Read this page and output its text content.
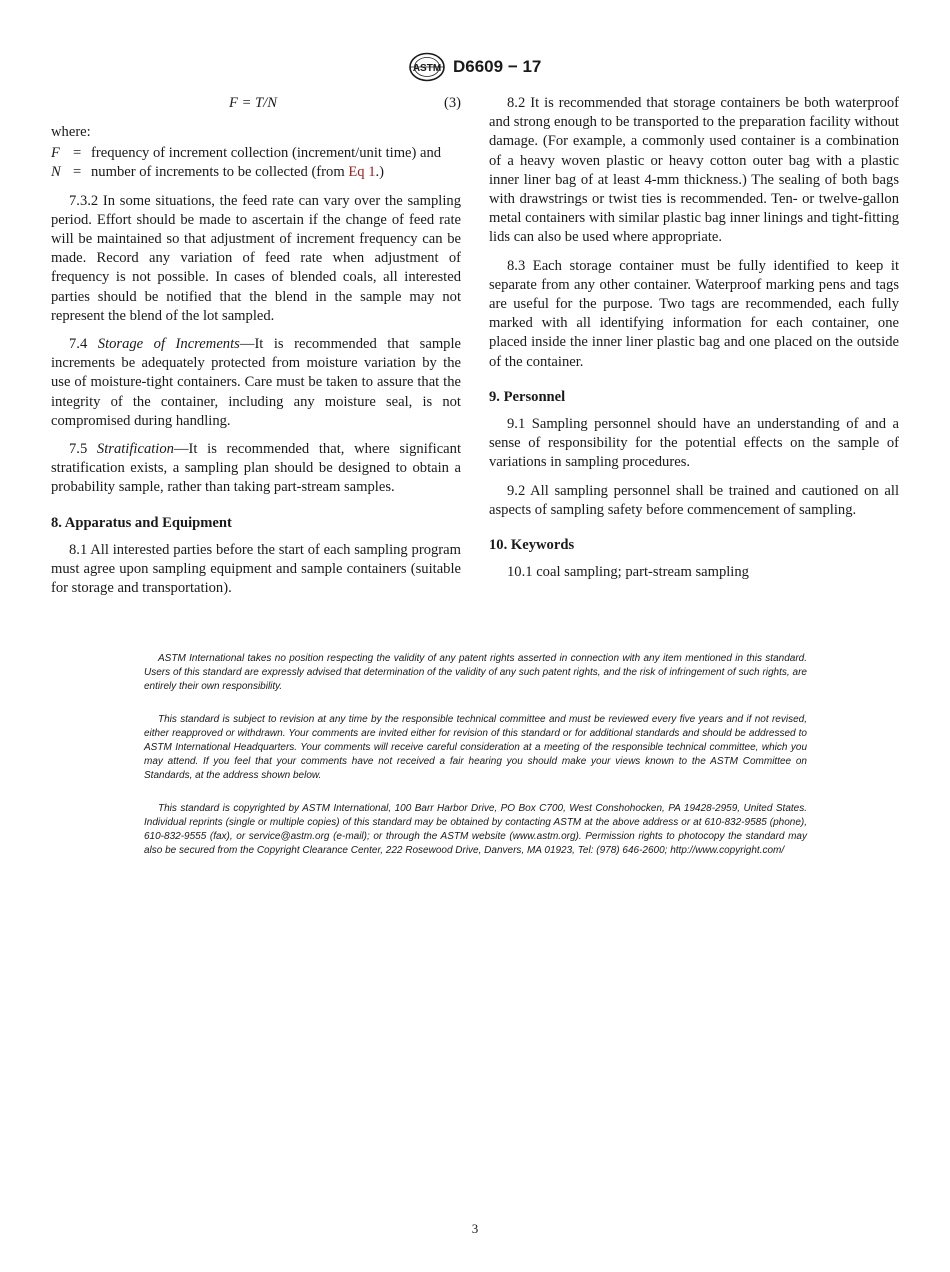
ASTM D6609 − 17
F = T/N	(3)
where:
F = frequency of increment collection (increment/unit time) and
N = number of increments to be collected (from Eq 1.)

7.3.2 In some situations, the feed rate can vary over the sampling period. Effort should be made to ascertain if the change of feed rate will be maintained so that adjustment of increment frequency can be made. Record any variation of feed rate when adjustment of frequency is not possible. In cases of blended coals, all interested parties should be notified that the blend in the sample may not represent the blend of the lot sampled.

7.4 Storage of Increments—It is recommended that sample increments be adequately protected from moisture variation by the use of moisture-tight containers. Care must be taken to assure that the integrity of the container, including any moisture seal, is not compromised during handling.

7.5 Stratification—It is recommended that, where significant stratification exists, a sampling plan should be designed to obtain a probability sample, rather than taking part-stream samples.

8. Apparatus and Equipment

8.1 All interested parties before the start of each sampling program must agree upon sampling equipment and sample containers (suitable for storage and transportation).

8.2 It is recommended that storage containers be both waterproof and strong enough to be transported to the preparation facility without damage. (For example, a commonly used container is a combination of a heavy woven plastic or heavy cotton outer bag with a plastic inner liner bag of at least 4-mm thickness.) The sealing of both bags with drawstrings or twist ties is recommended. Ten- or twelve-gallon metal containers with similar plastic bag inner linings and tight-fitting lids can also be used where appropriate.

8.3 Each storage container must be fully identified to keep it separate from any other container. Waterproof marking pens and tags are useful for the purpose. Two tags are recommended, each fully marked with all identifying information for each container, one placed inside the inner liner plastic bag and one placed on the outside of the container.

9. Personnel

9.1 Sampling personnel should have an understanding of and a sense of responsibility for the potential effects on the sample of variations in sampling procedures.

9.2 All sampling personnel shall be trained and cautioned on all aspects of sampling safety before commencement of sampling.

10. Keywords

10.1 coal sampling; part-stream sampling

ASTM International takes no position respecting the validity of any patent rights asserted in connection with any item mentioned in this standard. Users of this standard are expressly advised that determination of the validity of any such patent rights, and the risk of infringement of such rights, are entirely their own responsibility.

This standard is subject to revision at any time by the responsible technical committee and must be reviewed every five years and if not revised, either reapproved or withdrawn. Your comments are invited either for revision of this standard or for additional standards and should be addressed to ASTM International Headquarters. Your comments will receive careful consideration at a meeting of the responsible technical committee, which you may attend. If you feel that your comments have not received a fair hearing you should make your views known to the ASTM Committee on Standards, at the address shown below.

This standard is copyrighted by ASTM International, 100 Barr Harbor Drive, PO Box C700, West Conshohocken, PA 19428-2959, United States. Individual reprints (single or multiple copies) of this standard may be obtained by contacting ASTM at the above address or at 610-832-9585 (phone), 610-832-9555 (fax), or service@astm.org (e-mail); or through the ASTM website (www.astm.org). Permission rights to photocopy the standard may also be secured from the Copyright Clearance Center, 222 Rosewood Drive, Danvers, MA 01923, Tel: (978) 646-2600; http://www.copyright.com/

3
